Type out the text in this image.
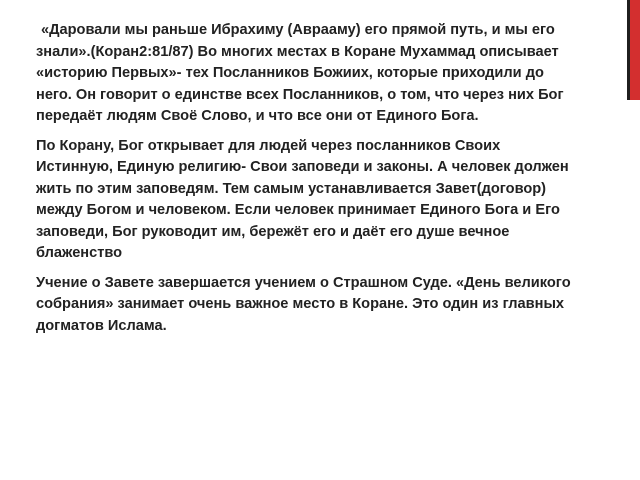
«Даровали мы раньше Ибрахиму (Аврааму) его прямой путь, и мы его знали».(Коран2:81/87) Во многих местах в Коране Мухаммад описывает «историю Первых»- тех Посланников Божиих, которые приходили до него. Он говорит о единстве всех Посланников, о том, что через них Бог передаёт людям Своё Слово, и что все они от Единого Бога.

По Корану, Бог открывает для людей через посланников Своих Истинную, Единую религию- Свои заповеди и законы. А человек должен жить по этим заповедям. Тем самым устанавливается Завет(договор) между Богом и человеком. Если человек принимает Единого Бога и Его заповеди, Бог руководит им, бережёт его и даёт его душе вечное блаженство

Учение о Завете завершается учением о Страшном Суде. «День великого собрания» занимает очень важное место в Коране. Это один из главных догматов Ислама.
